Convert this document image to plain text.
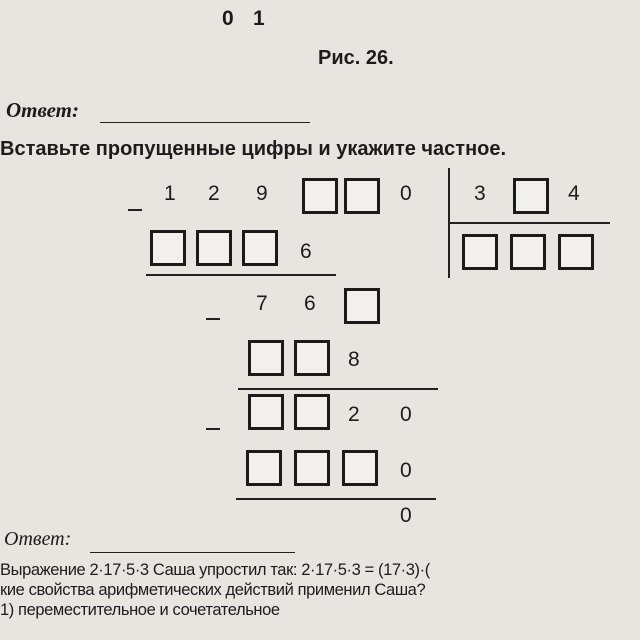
0 1
Рис. 26.
Ответ:
Вставьте пропущенные цифры и укажите частное.
1 2 9	0	3	4
6
7 6
8
2 0
0
0
Ответ:
Выражение 2·17·5·3 Саша упростил так: 2·17·5·3 = (17·3)·(
кие свойства арифметических действий применил Саша?
1) переместительное и сочетательное
